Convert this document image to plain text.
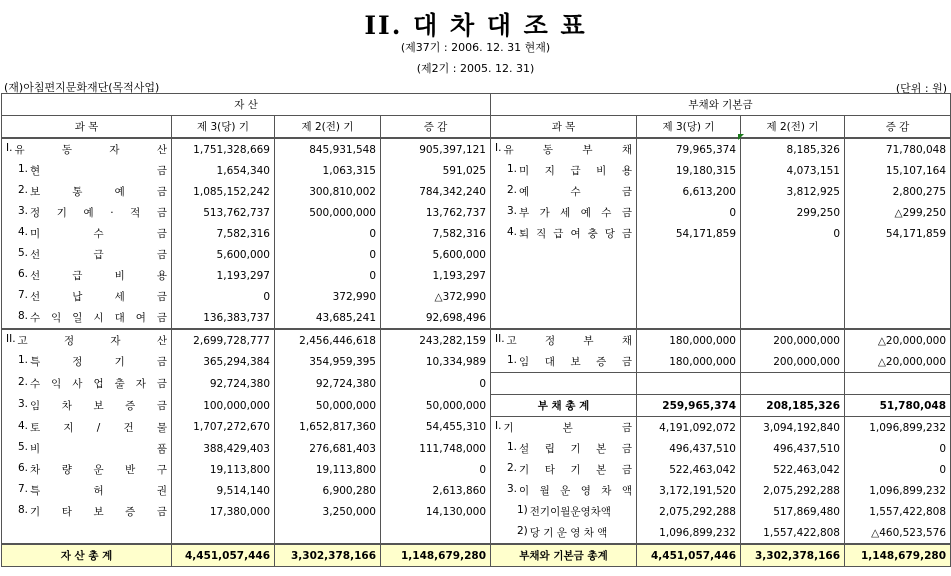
II. 대 차 대 조 표
(제37기 : 2006. 12. 31 현재)
(제2기 : 2005. 12. 31)
(재)아침편지문화재단(목적사업)	(단위 : 원)
자 산				부채와 기본금			
과 목	제 3(당) 기	제 2(전) 기	증 감	과 목	제 3(당) 기	제 2(전) 기	증 감

I. 유 동 자 산	1,751,328,669	845,931,548	905,397,121	I. 유 동 부 채	79,965,374	8,185,326	71,780,048

1. 현 금	1,654,340	1,063,315	591,025	1. 미 지 급 비 용	19,180,315	4,073,151	15,107,164

2. 보 통 예 금	1,085,152,242	300,810,002	784,342,240	2. 예 수 금	6,613,200	3,812,925	2,800,275

3. 정 기 예 · 적 금	513,762,737	500,000,000	13,762,737	3. 부 가 세 예 수 금	0	299,250	△299,250

4. 미 수 금	7,582,316	0	7,582,316	4. 퇴 직 급 여 충 당 금	54,171,859	0	54,171,859

5. 선 급 금	5,600,000	0	5,600,000				

6. 선 급 비 용	1,193,297	0	1,193,297				

7. 선 납 세 금	0	372,990	△372,990				

8. 수 익 일 시 대 여 금	136,383,737	43,685,241	92,698,496				

II. 고 정 자 산	2,699,728,777	2,456,446,618	243,282,159	II. 고 정 부 채	180,000,000	200,000,000	△20,000,000

1. 특 정 기 금	365,294,384	354,959,395	10,334,989	1. 임 대 보 증 금	180,000,000	200,000,000	△20,000,000

2. 수 익 사 업 출 자 금	92,724,380	92,724,380	0				

3. 임 차 보 증 금	100,000,000	50,000,000	50,000,000	부 채 총 계	259,965,374	208,185,326	51,780,048

4. 토 지 / 건 물	1,707,272,670	1,652,817,360	54,455,310	I. 기 본 금	4,191,092,072	3,094,192,840	1,096,899,232

5. 비 품	388,429,403	276,681,403	111,748,000	1. 설 립 기 본 금	496,437,510	496,437,510	0

6. 차 량 운 반 구	19,113,800	19,113,800	0	2. 기 타 기 본 금	522,463,042	522,463,042	0

7. 특 허 권	9,514,140	6,900,280	2,613,860	3. 이 월 운 영 차 액	3,172,191,520	2,075,292,288	1,096,899,232

8. 기 타 보 증 금	17,380,000	3,250,000	14,130,000	1) 전기이월운영차액	2,075,292,288	517,869,480	1,557,422,808

				2) 당 기 운 영 차 액	1,096,899,232	1,557,422,808	△460,523,576
자 산 총 계	4,451,057,446	3,302,378,166	1,148,679,280	부채와 기본금 총계	4,451,057,446	3,302,378,166	1,148,679,280
